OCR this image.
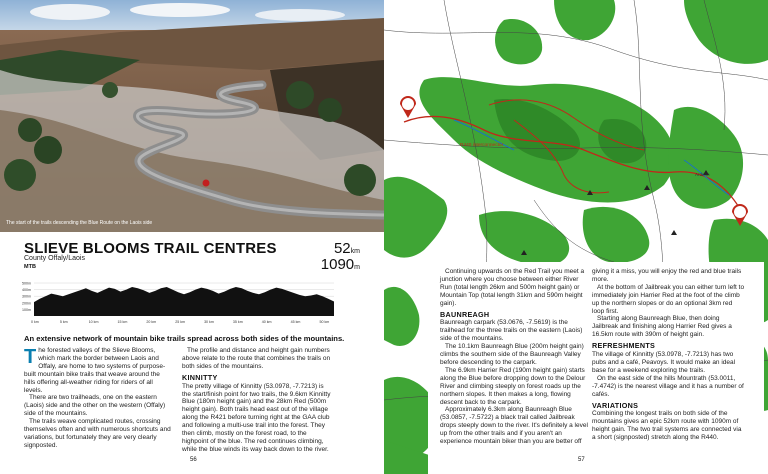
The start of the trails descending the Blue Route on the Laois side
SLIEVE BLOOMS TRAIL CENTRES
County Offaly/Laois
MTB
52km
1090m
100m
200m
300m
400m
500m
0 km	5 km	10 km	15 km	20 km	25 km	30 km	35 km	40 km	45 km	50 km
An extensive network of mountain bike trails spread across both sides of the mountains.

The forested valleys of the Slieve Blooms, which mark the border between Laois and Offaly, are home to two systems of purpose-built mountain bike trails that weave around the hills offering all-weather riding for riders of all levels.

There are two trailheads, one on the eastern (Laois) side and the other on the western (Offaly) side of the mountains.

The trails weave complicated routes, crossing themselves often and with numerous shortcuts and variations, but fortunately they are very clearly signposted.

The profile and distance and height gain numbers above relate to the route that combines the trails on both sides of the mountains.

KINNITTY

The pretty village of Kinnitty (53.0978, -7.7213) is the start/finish point for two trails, the 9.6km Kinnitty Blue (180m height gain) and the 28km Red (500m height gain). Both trails head east out of the village along the R421 before turning right at the GAA club and following a multi-use trail into the forest. They then climb, mostly on the forest road, to the highpoint of the blue. The red continues climbing, while the blue winds its way back down to the river.

56
R440 interconnector
Arderin

Continuing upwards on the Red Trail you meet a junction where you choose between either River Run (total length 26km and 500m height gain) or Mountain Top (total length 31km and 590m height gain).

BAUNREAGH

Baunreagh carpark (53.0676, -7.5619) is the trailhead for the three trails on the eastern (Laois) side of the mountains.

The 10.1km Baunreagh Blue (200m height gain) climbs the southern side of the Baunreagh Valley before descending to the carpark.

The 6.9km Harrier Red (190m height gain) starts along the Blue before dropping down to the Delour River and climbing steeply on forest roads up the northern slopes. It then makes a long, flowing descent back to the carpark.

Approximately 6.3km along Baunreagh Blue (53.0857, -7.5722) a black trail called Jailbreak drops steeply down to the river. It's definitely a level up from the other trails and if you aren't an experience mountain biker than you are better off

giving it a miss, you will enjoy the red and blue trails more.

At the bottom of Jailbreak you can either turn left to immediately join Harrier Red at the foot of the climb up the northern slopes or do an optional 3km red loop first.

Starting along Baunreagh Blue, then doing Jailbreak and finishing along Harrier Red gives a 16.5km route with 390m of height gain.

REFRESHMENTS

The village of Kinnitty (53.0978, -7.7213) has two pubs and a café, Peavoys. It would make an ideal base for a weekend exploring the trails.

On the east side of the hills Mountrath (53.0011, -7.4742) is the nearest village and it has a number of cafés.

VARIATIONS

Combining the longest trails on both side of the mountains gives an epic 52km route with 1090m of height gain. The two trail systems are connected via a short (signposted) stretch along the R440.

57
